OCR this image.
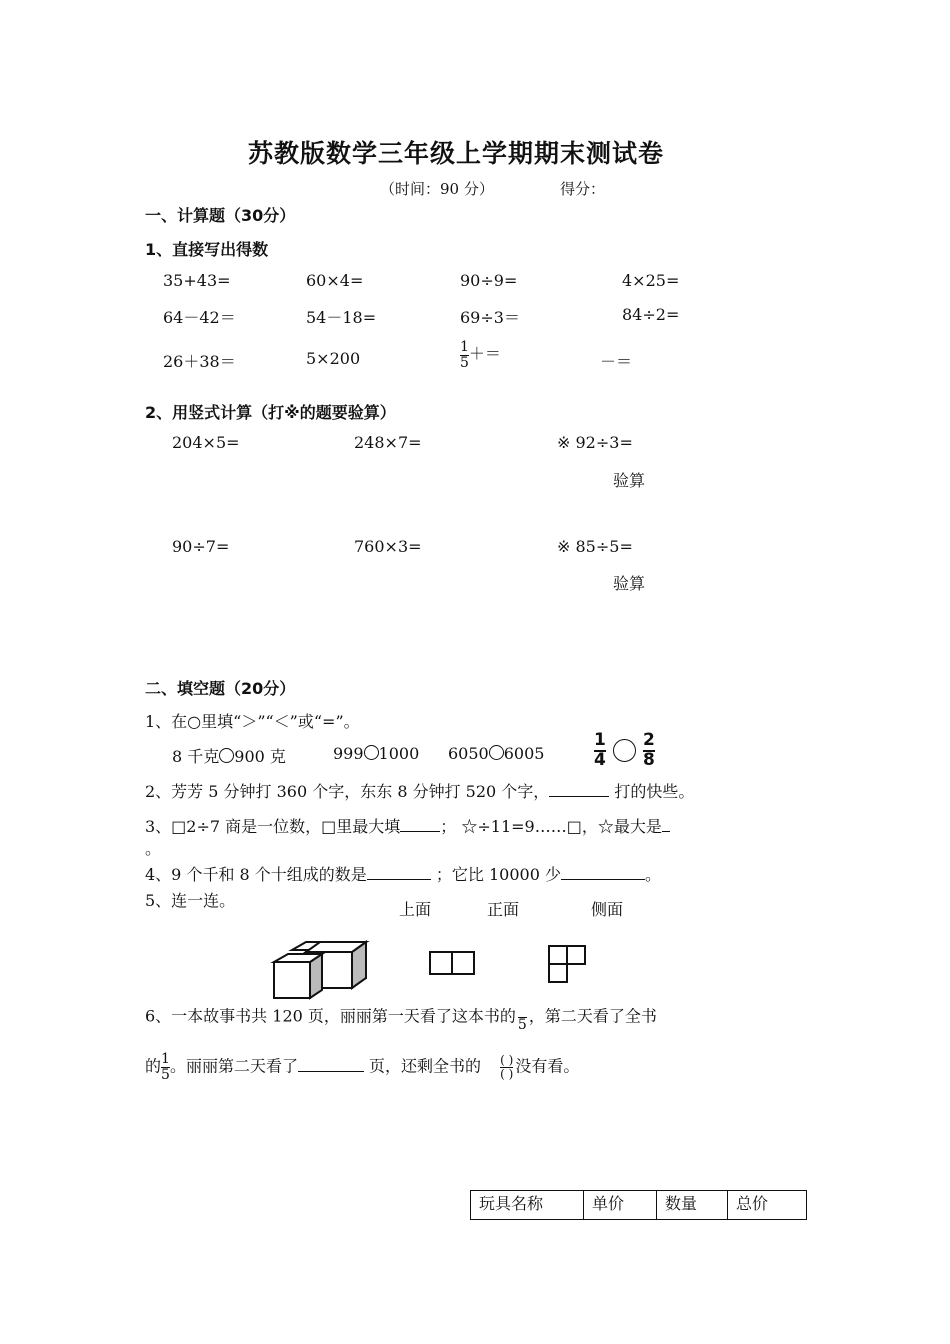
苏教版数学三年级上学期期末测试卷
（时间：90 分）	得分：
一、计算题（30分）
1、直接写出得数
35+43=	60×4=	90÷9=	4×25=
64－42＝	54－18=	69÷3＝	84÷2=
26＋38＝	5×200	$\frac{1}{5}$ ＋＝	－＝
2、用竖式计算（打※的题要验算）
204×5=	248×7=	※ 92÷3=
验算
90÷7=	760×3=	※ 85÷5=
验算
二、填空题（20分）
1、在○里填“＞”“＜”或“=”。
8 千克 900 克	999 1000 6050 6005	$\frac{1}{4}$
$\frac{2}{8}$
2、芳芳 5 分钟打 360 个字，东东 8 分钟打 520 个字，	打的快些。
3、□2÷7 商是一位数，□里最大填	； ☆÷11=9……□，☆最大是
。
4、9 个千和 8 个十组成的数是	；它比 10000 少	。
5、连一连。	上面	正面	侧面
6、一本故事书共 120 页，丽丽第一天看了这本书的
5 ，第二天看了全书
的 $\frac{1}{5}$ 。丽丽第二天看了	页，还剩全书的 $\frac{( )}{( )}$ 没有看。
玩具名称	单价	数量	总价
